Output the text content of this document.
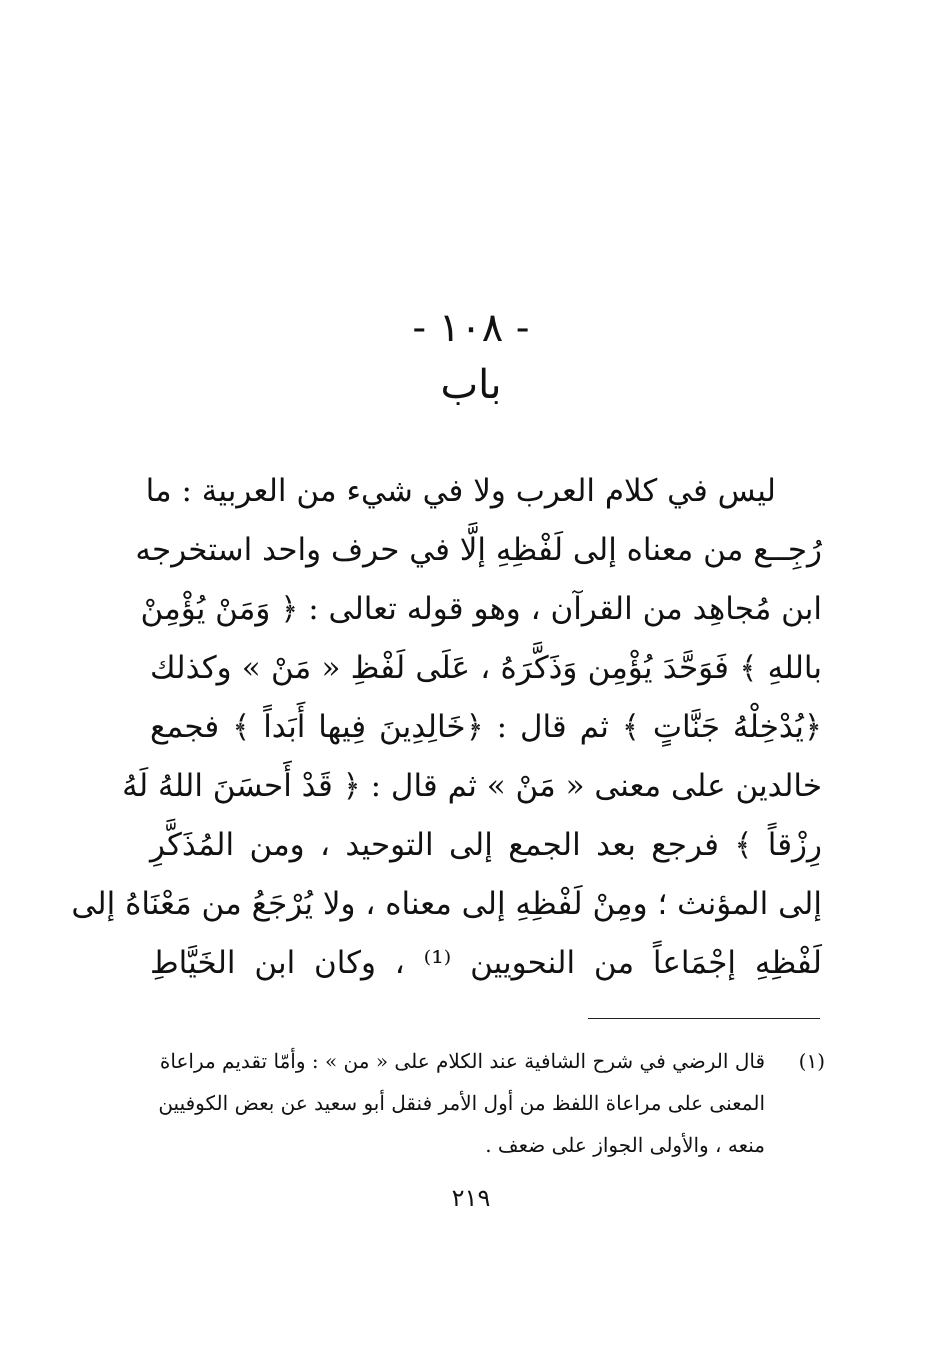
- ١٠٨ -
باب
ليس في كلام العرب ولا في شيء من العربية : ما
رُجِــع من معناه إلى لَفْظِهِ إلَّا في حرف واحد استخرجه
ابن مُجاهِد من القرآن ، وهو قوله تعالى : ﴿ وَمَنْ يُؤْمِنْ
باللهِ ﴾ فَوَحَّدَ يُؤْمِن وَذَكَّرَهُ ، عَلَى لَفْظِ « مَنْ » وكذلك
﴿يُدْخِلْهُ جَنَّاتٍ ﴾ ثم قال : ﴿خَالِدِينَ فِيها أَبَداً ﴾ فجمع
خالدين على معنى « مَنْ » ثم قال : ﴿ قَدْ أَحسَنَ اللهُ لَهُ
رِزْقاً ﴾ فرجع بعد الجمع إلى التوحيد ، ومن المُذَكَّرِ
إلى المؤنث ؛ ومِنْ لَفْظِهِ إلى معناه ، ولا يُرْجَعُ من مَعْنَاهُ إلى
لَفْظِهِ إجْمَاعاً من النحويين ⁽¹⁾ ، وكان ابن الخَيَّاطِ
(١)قال الرضي في شرح الشافية عند الكلام على « من » : وأمّا تقديم مراعاة
المعنى على مراعاة اللفظ من أول الأمر فنقل أبو سعيد عن بعض الكوفيين
منعه ، والأولى الجواز على ضعف .
٢١٩
